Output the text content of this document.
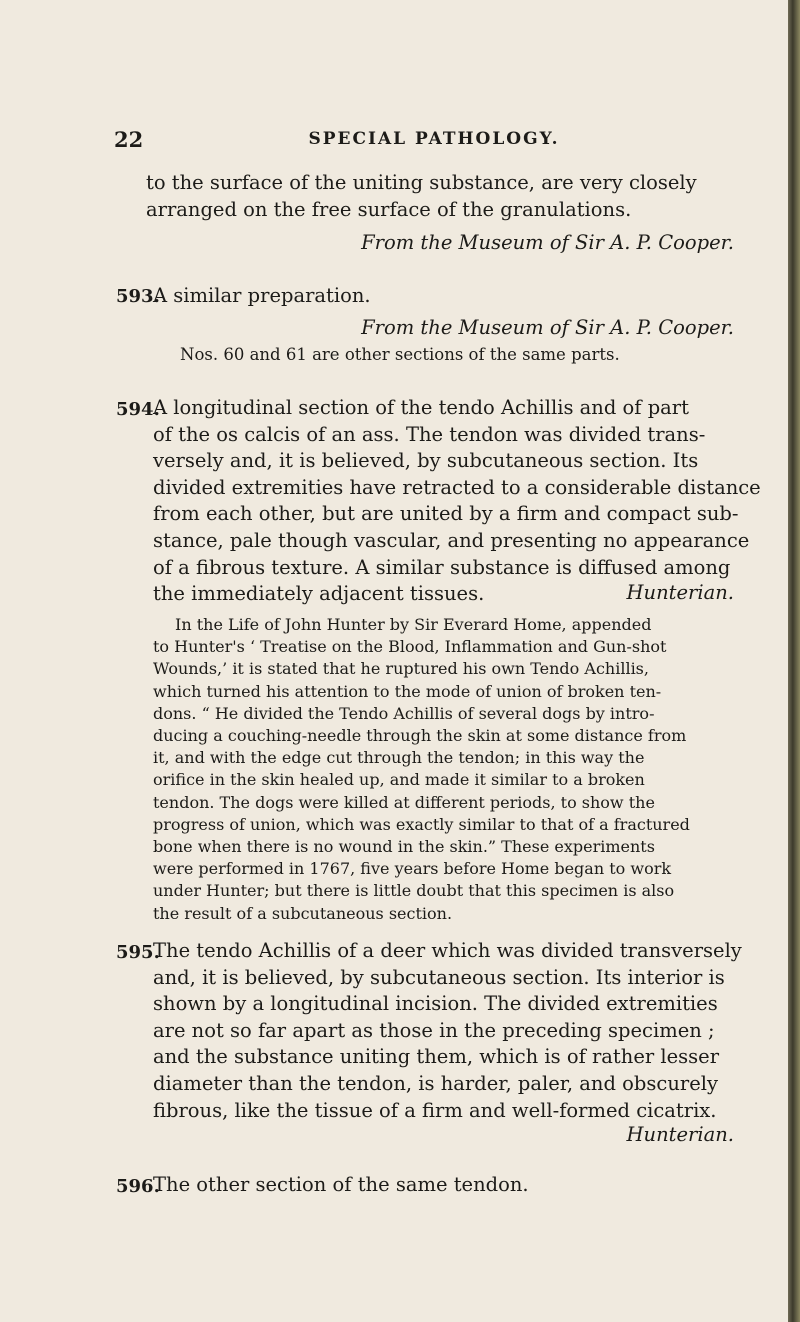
22	SPECIAL PATHOLOGY.
to the surface of the uniting substance, are very closely
arranged on the free surface of the granulations.
From the Museum of Sir A. P. Cooper.
593.
A similar preparation.
From the Museum of Sir A. P. Cooper.
Nos. 60 and 61 are other sections of the same parts.
594.
A longitudinal section of the tendo Achillis and of part
of the os calcis of an ass. The tendon was divided trans-
versely and, it is believed, by subcutaneous section. Its
divided extremities have retracted to a considerable distance
from each other, but are united by a firm and compact sub-
stance, pale though vascular, and presenting no appearance
of a fibrous texture. A similar substance is diffused among
the immediately adjacent tissues.	Hunterian.
In the Life of John Hunter by Sir Everard Home, appended
to Hunter's ‘ Treatise on the Blood, Inflammation and Gun-shot
Wounds,’ it is stated that he ruptured his own Tendo Achillis,
which turned his attention to the mode of union of broken ten-
dons. “ He divided the Tendo Achillis of several dogs by intro-
ducing a couching-needle through the skin at some distance from
it, and with the edge cut through the tendon; in this way the
orifice in the skin healed up, and made it similar to a broken
tendon. The dogs were killed at different periods, to show the
progress of union, which was exactly similar to that of a fractured
bone when there is no wound in the skin.” These experiments
were performed in 1767, five years before Home began to work
under Hunter; but there is little doubt that this specimen is also
the result of a subcutaneous section.
595.
The tendo Achillis of a deer which was divided transversely
and, it is believed, by subcutaneous section. Its interior is
shown by a longitudinal incision. The divided extremities
are not so far apart as those in the preceding specimen ;
and the substance uniting them, which is of rather lesser
diameter than the tendon, is harder, paler, and obscurely
fibrous, like the tissue of a firm and well-formed cicatrix.
Hunterian.
596.
The other section of the same tendon.
